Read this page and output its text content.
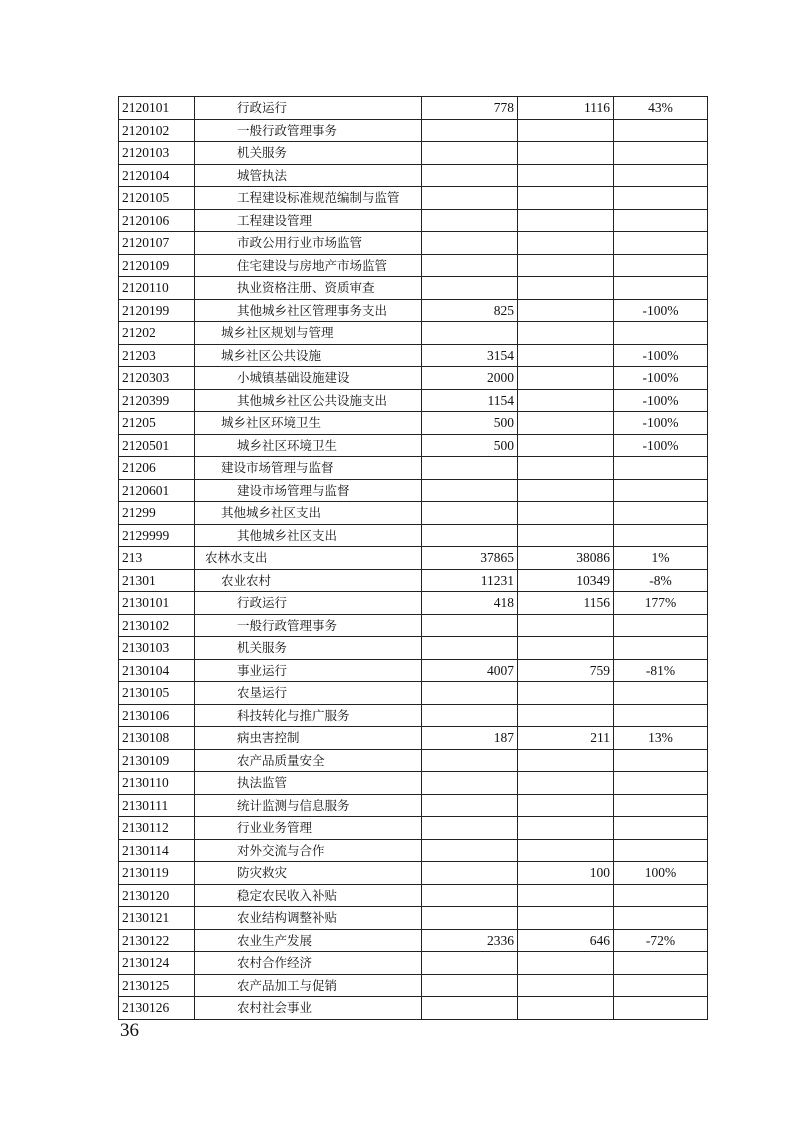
2120101	行政运行	778	1116	43%
2120102	一般行政管理事务			
2120103	机关服务			
2120104	城管执法			
2120105	工程建设标准规范编制与监管			
2120106	工程建设管理			
2120107	市政公用行业市场监管			
2120109	住宅建设与房地产市场监管			
2120110	执业资格注册、资质审查			
2120199	其他城乡社区管理事务支出	825		-100%
21202	城乡社区规划与管理			
21203	城乡社区公共设施	3154		-100%
2120303	小城镇基础设施建设	2000		-100%
2120399	其他城乡社区公共设施支出	1154		-100%
21205	城乡社区环境卫生	500		-100%
2120501	城乡社区环境卫生	500		-100%
21206	建设市场管理与监督			
2120601	建设市场管理与监督			
21299	其他城乡社区支出			
2129999	其他城乡社区支出			
213	农林水支出	37865	38086	1%
21301	农业农村	11231	10349	-8%
2130101	行政运行	418	1156	177%
2130102	一般行政管理事务			
2130103	机关服务			
2130104	事业运行	4007	759	-81%
2130105	农垦运行			
2130106	科技转化与推广服务			
2130108	病虫害控制	187	211	13%
2130109	农产品质量安全			
2130110	执法监管			
2130111	统计监测与信息服务			
2130112	行业业务管理			
2130114	对外交流与合作			
2130119	防灾救灾		100	100%
2130120	稳定农民收入补贴			
2130121	农业结构调整补贴			
2130122	农业生产发展	2336	646	-72%
2130124	农村合作经济			
2130125	农产品加工与促销			
2130126	农村社会事业			
36
